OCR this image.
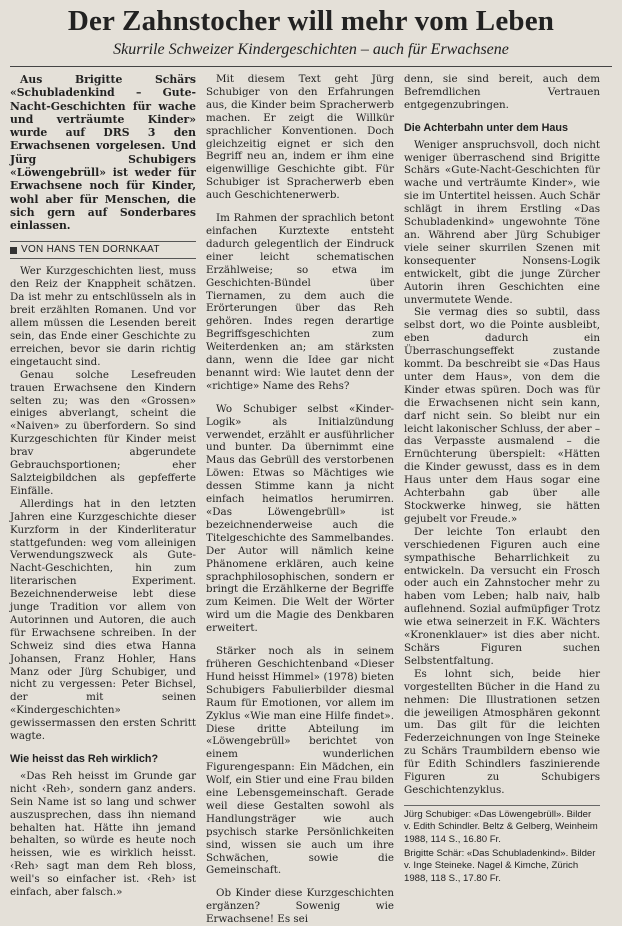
Der Zahnstocher will mehr vom Leben
Skurrile Schweizer Kindergeschichten – auch für Erwachsene

Aus Brigitte Schärs «Schubladenkind – Gute-Nacht-Geschichten für wache und verträumte Kinder» wurde auf DRS 3 den Erwachsenen vorgelesen. Und Jürg Schubigers «Löwengebrüll» ist weder für Erwachsene noch für Kinder, wohl aber für Menschen, die sich gern auf Sonderbares einlassen.

VON HANS TEN DORNKAAT

Wer Kurzgeschichten liest, muss den Reiz der Knappheit schätzen. Da ist mehr zu entschlüsseln als in breit erzählten Romanen. Und vor allem müssen die Lesenden bereit sein, das Ende einer Geschichte zu erreichen, bevor sie darin richtig eingetaucht sind.

Genau solche Lesefreuden trauen Erwachsene den Kindern selten zu; was den «Grossen» einiges abverlangt, scheint die «Naiven» zu überfordern. So sind Kurzgeschichten für Kinder meist brav abgerundete Gebrauchsportionen; eher Salzteigbildchen als gepfefferte Einfälle.

Allerdings hat in den letzten Jahren eine Kurzgeschichte dieser Kurzform in der Kinderliteratur stattgefunden: weg vom alleinigen Verwendungszweck als Gute-Nacht-Geschichten, hin zum literarischen Experiment. Bezeichnenderweise lebt diese junge Tradition vor allem von Autorinnen und Autoren, die auch für Erwachsene schreiben. In der Schweiz sind dies etwa Hanna Johansen, Franz Hohler, Hans Manz oder Jürg Schubiger, und nicht zu vergessen: Peter Bichsel, der mit seinen «Kindergeschichten» gewissermassen den ersten Schritt wagte.

Wie heisst das Reh wirklich?

«Das Reh heisst im Grunde gar nicht ‹Reh›, sondern ganz anders. Sein Name ist so lang und schwer auszusprechen, dass ihn niemand behalten hat. Hätte ihn jemand behalten, so würde es heute noch heissen, wie es wirklich heisst. ‹Reh› sagt man dem Reh bloss, weil's so einfacher ist. ‹Reh› ist einfach, aber falsch.»

Mit diesem Text geht Jürg Schubiger von den Erfahrungen aus, die Kinder beim Spracherwerb machen. Er zeigt die Willkür sprachlicher Konventionen. Doch gleichzeitig eignet er sich den Begriff neu an, indem er ihm eine eigenwillige Geschichte gibt. Für Schubiger ist Spracherwerb eben auch Geschichtenerwerb.

Im Rahmen der sprachlich betont einfachen Kurztexte entsteht dadurch gelegentlich der Eindruck einer leicht schematischen Erzählweise; so etwa im Geschichten-Bündel über Tiernamen, zu dem auch die Erörterungen über das Reh gehören. Indes regen derartige Begriffsgeschichten zum Weiterdenken an; am stärksten dann, wenn die Idee gar nicht benannt wird: Wie lautet denn der «richtige» Name des Rehs?

Wo Schubiger selbst «Kinder-Logik» als Initialzündung verwendet, erzählt er ausführlicher und bunter. Da übernimmt eine Maus das Gebrüll des verstorbenen Löwen: Etwas so Mächtiges wie dessen Stimme kann ja nicht einfach heimatlos herumirren. «Das Löwengebrüll» ist bezeichnenderweise auch die Titelgeschichte des Sammelbandes. Der Autor will nämlich keine Phänomene erklären, auch keine sprachphilosophischen, sondern er bringt die Erzählkerne der Begriffe zum Keimen. Die Welt der Wörter wird um die Magie des Denkbaren erweitert.

Stärker noch als in seinem früheren Geschichtenband «Dieser Hund heisst Himmel» (1978) bieten Schubigers Fabulierbilder diesmal Raum für Emotionen, vor allem im Zyklus «Wie man eine Hilfe findet». Diese dritte Abteilung im «Löwengebrüll» berichtet von einem wunderlichen Figurengespann: Ein Mädchen, ein Wolf, ein Stier und eine Frau bilden eine Lebensgemeinschaft. Gerade weil diese Gestalten sowohl als Handlungsträger wie auch psychisch starke Persönlichkeiten sind, wissen sie auch um ihre Schwächen, sowie die Gemeinschaft.

Ob Kinder diese Kurzgeschichten ergänzen? Sowenig wie Erwachsene! Es sei

denn, sie sind bereit, auch dem Befremdlichen Vertrauen entgegenzubringen.

Die Achterbahn unter dem Haus

Weniger anspruchsvoll, doch nicht weniger überraschend sind Brigitte Schärs «Gute-Nacht-Geschichten für wache und verträumte Kinder», wie sie im Untertitel heissen. Auch Schär schlägt in ihrem Erstling «Das Schubladenkind» ungewohnte Töne an. Während aber Jürg Schubiger viele seiner skurrilen Szenen mit konsequenter Nonsens-Logik entwickelt, gibt die junge Zürcher Autorin ihren Geschichten eine unvermutete Wende.

Sie vermag dies so subtil, dass selbst dort, wo die Pointe ausbleibt, eben dadurch ein Überraschungseffekt zustande kommt. Da beschreibt sie «Das Haus unter dem Haus», von dem die Kinder etwas spüren. Doch was für die Erwachsenen nicht sein kann, darf nicht sein. So bleibt nur ein leicht lakonischer Schluss, der aber – das Verpasste ausmalend – die Ernüchterung überspielt: «Hätten die Kinder gewusst, dass es in dem Haus unter dem Haus sogar eine Achterbahn gab über alle Stockwerke hinweg, sie hätten gejubelt vor Freude.»

Der leichte Ton erlaubt den verschiedenen Figuren auch eine sympathische Beharrlichkeit zu entwickeln. Da versucht ein Frosch oder auch ein Zahnstocher mehr zu haben vom Leben; halb naiv, halb auflehnend. Sozial aufmüpfiger Trotz wie etwa seinerzeit in F.K. Wächters «Kronenklauer» ist dies aber nicht. Schärs Figuren suchen Selbstentfaltung.

Es lohnt sich, beide hier vorgestellten Bücher in die Hand zu nehmen: Die Illustrationen setzen die jeweiligen Atmosphären gekonnt um. Das gilt für die leichten Federzeichnungen von Inge Steineke zu Schärs Traumbildern ebenso wie für Edith Schindlers faszinierende Figuren zu Schubigers Geschichtenzyklus.

Jürg Schubiger: «Das Löwengebrüll». Bilder v. Edith Schindler. Beltz & Gelberg, Weinheim 1988, 114 S., 16.80 Fr.

Brigitte Schär: «Das Schubladenkind». Bilder v. Inge Steineke. Nagel & Kimche, Zürich 1988, 118 S., 17.80 Fr.
